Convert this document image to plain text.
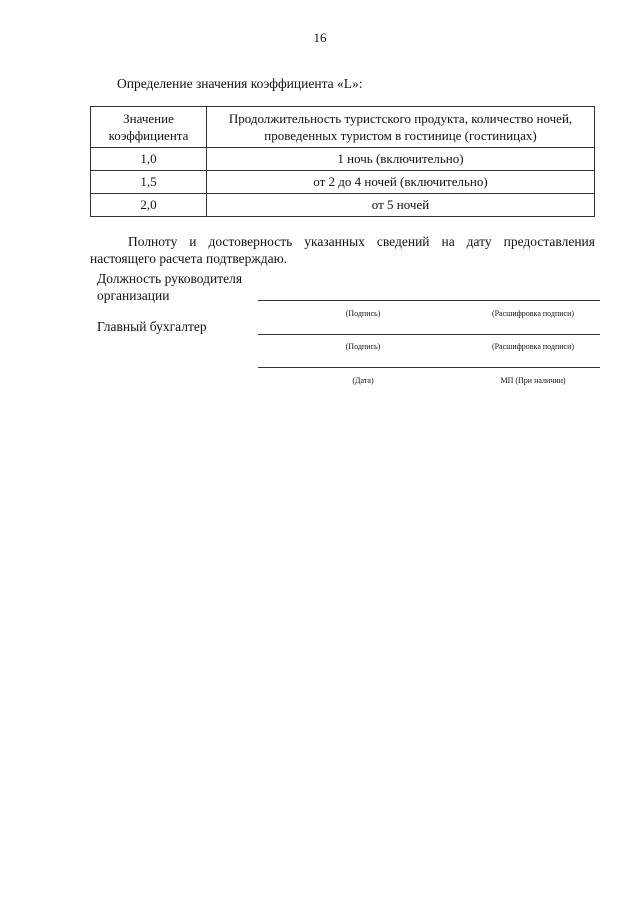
16
Определение значения коэффициента «L»:
Значение
коэффициента	Продолжительность туристского продукта, количество ночей,
проведенных туристом в гостинице (гостиницах)
1,0	1 ночь (включительно)
1,5	от 2 до 4 ночей (включительно)
2,0	от 5 ночей
Полноту и достоверность указанных сведений на дату предоставления
настоящего расчета подтверждаю.
Должность руководителя
организации
(Подпись)	(Расшифровка подписи)
Главный бухгалтер
(Подпись)	(Расшифровка подписи)
(Дата)	МП (При наличии)
